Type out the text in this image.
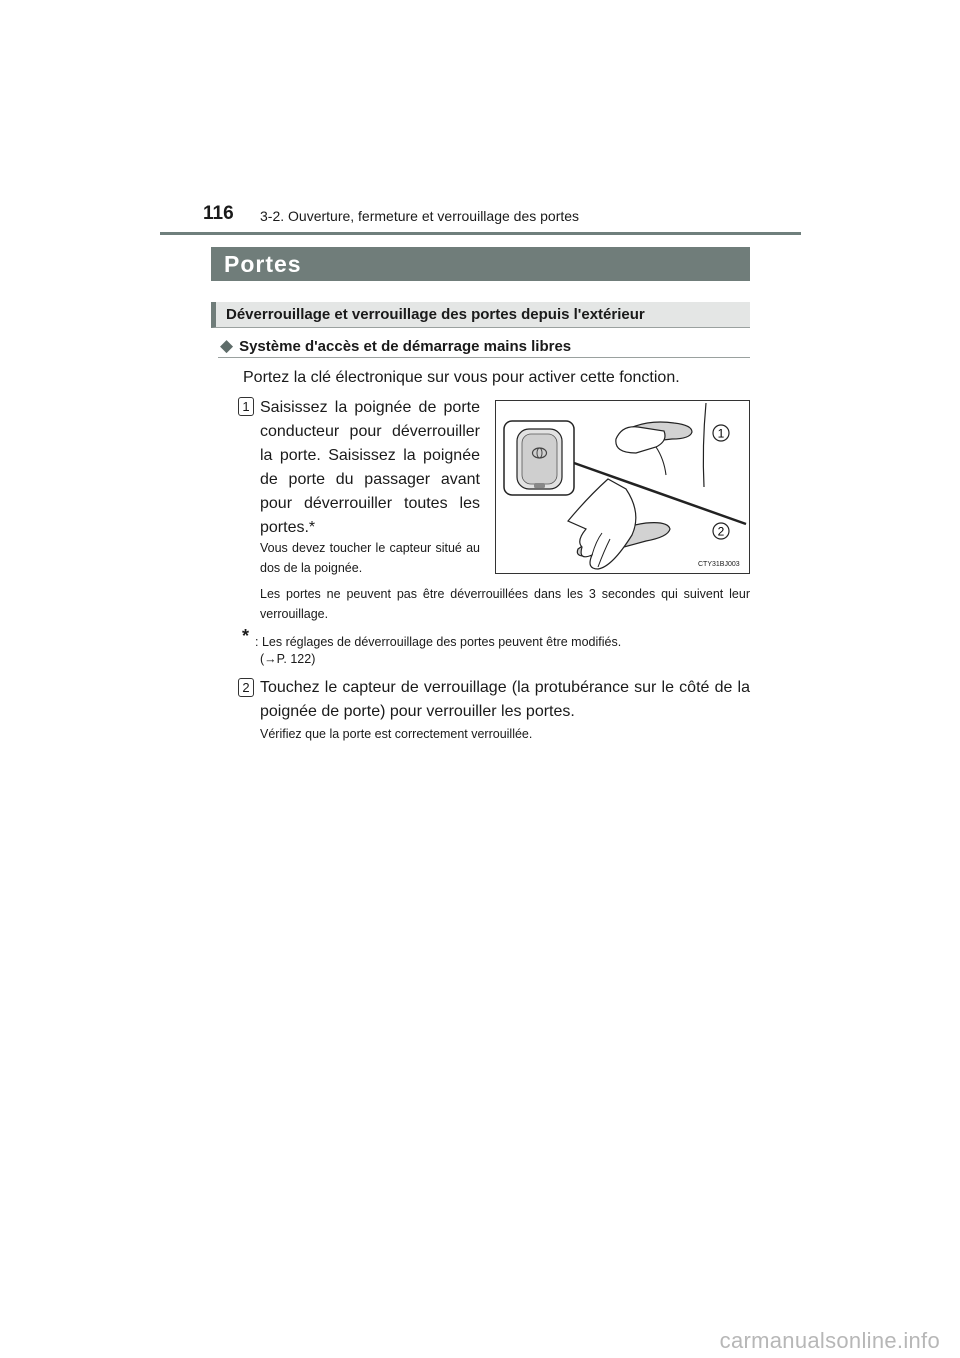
116 3-2. Ouverture, fermeture et verrouillage des portes
Portes
Déverrouillage et verrouillage des portes depuis l'extérieur
◆ Système d'accès et de démarrage mains libres
Portez la clé électronique sur vous pour activer cette fonction.
1 Saisissez la poignée de porte conducteur pour déverrouiller la porte. Saisissez la poignée de porte du passager avant pour déverrouiller toutes les portes.*
Vous devez toucher le capteur situé au dos de la poignée.
1
2
CTY31BJ003
Les portes ne peuvent pas être déverrouillées dans les 3 secondes qui suivent leur verrouillage.
* : Les réglages de déverrouillage des portes peuvent être modifiés.
(→P. 122)
2 Touchez le capteur de verrouillage (la protubérance sur le côté de la poignée de porte) pour verrouiller les portes.
Vérifiez que la porte est correctement verrouillée.
carmanualsonline.info
